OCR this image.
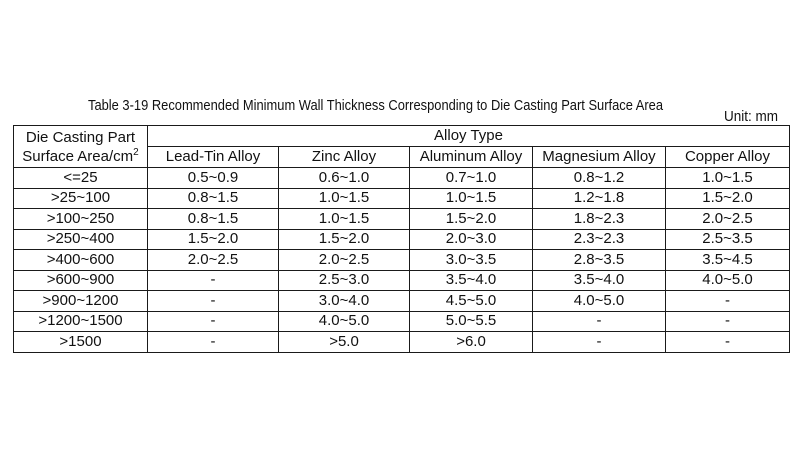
Table 3-19 Recommended Minimum Wall Thickness Corresponding to Die Casting Part Surface Area
Unit: mm
Die Casting Part
Surface Area/$cm^2$	Alloy Type				
	Lead-Tin Alloy	Zinc Alloy	Aluminum Alloy	Magnesium Alloy	Copper Alloy
<=25	0.5~0.9	0.6~1.0	0.7~1.0	0.8~1.2	1.0~1.5
>25~100	0.8~1.5	1.0~1.5	1.0~1.5	1.2~1.8	1.5~2.0
>100~250	0.8~1.5	1.0~1.5	1.5~2.0	1.8~2.3	2.0~2.5
>250~400	1.5~2.0	1.5~2.0	2.0~3.0	2.3~2.3	2.5~3.5
>400~600	2.0~2.5	2.0~2.5	3.0~3.5	2.8~3.5	3.5~4.5
>600~900	-	2.5~3.0	3.5~4.0	3.5~4.0	4.0~5.0
>900~1200	-	3.0~4.0	4.5~5.0	4.0~5.0	-
>1200~1500	-	4.0~5.0	5.0~5.5	-	-
>1500	-	>5.0	>6.0	-	-
